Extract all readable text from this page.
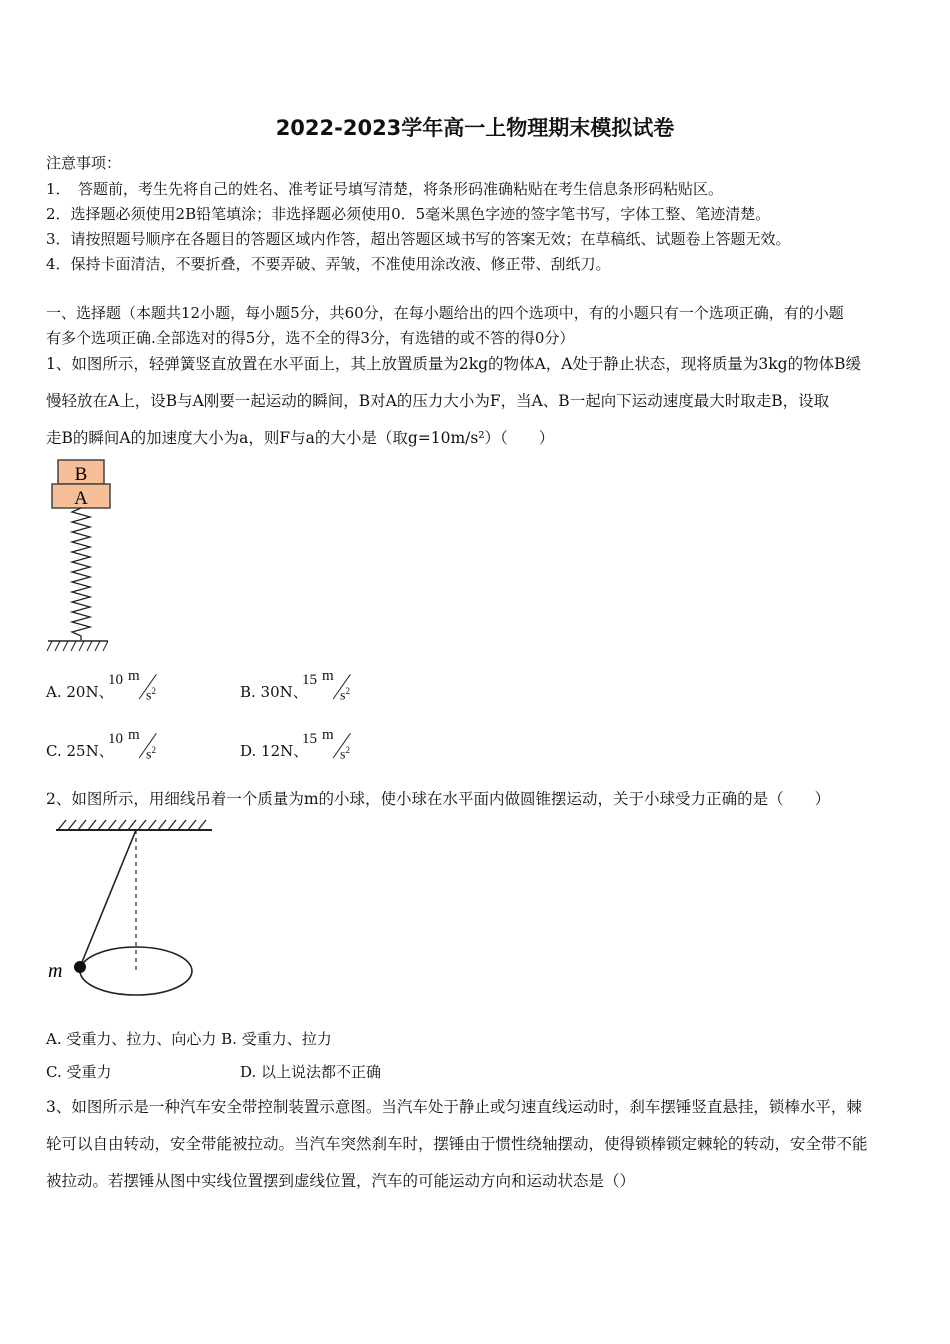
2022-2023学年高一上物理期末模拟试卷
注意事项：
1．　答题前，考生先将自己的姓名、准考证号填写清楚，将条形码准确粘贴在考生信息条形码粘贴区。
2．选择题必须使用2B铅笔填涂；非选择题必须使用0．5毫米黑色字迹的签字笔书写，字体工整、笔迹清楚。
3．请按照题号顺序在各题目的答题区域内作答，超出答题区域书写的答案无效；在草稿纸、试题卷上答题无效。
4．保持卡面清洁，不要折叠，不要弄破、弄皱，不准使用涂改液、修正带、刮纸刀。
一、选择题（本题共12小题，每小题5分，共60分，在每小题给出的四个选项中，有的小题只有一个选项正确，有的小题
有多个选项正确.全部选对的得5分，选不全的得3分，有选错的或不答的得0分）
1、如图所示，轻弹簧竖直放置在水平面上，其上放置质量为2kg的物体A，A处于静止状态，现将质量为3kg的物体B缓
慢轻放在A上，设B与A刚要一起运动的瞬间，B对A的压力大小为F，当A、B一起向下运动速度最大时取走B，设取
走B的瞬间A的加速度大小为a，则F与a的大小是（取g=10m/s²）（　　）
B
A
A. 20N、
10 m
$s^2$	B. 30N、
15 m
$s^2$
C. 25N、
10 m
$s^2$	D. 12N、
15 m
$s^2$
2、如图所示，用细线吊着一个质量为m的小球，使小球在水平面内做圆锥摆运动，关于小球受力正确的是（　　）
m
A. 受重力、拉力、向心力 B. 受重力、拉力
C. 受重力	D. 以上说法都不正确
3、如图所示是一种汽车安全带控制装置示意图。当汽车处于静止或匀速直线运动时，刹车摆锤竖直悬挂，锁棒水平，棘
轮可以自由转动，安全带能被拉动。当汽车突然刹车时，摆锤由于惯性绕轴摆动，使得锁棒锁定棘轮的转动，安全带不能
被拉动。若摆锤从图中实线位置摆到虚线位置，汽车的可能运动方向和运动状态是（）
